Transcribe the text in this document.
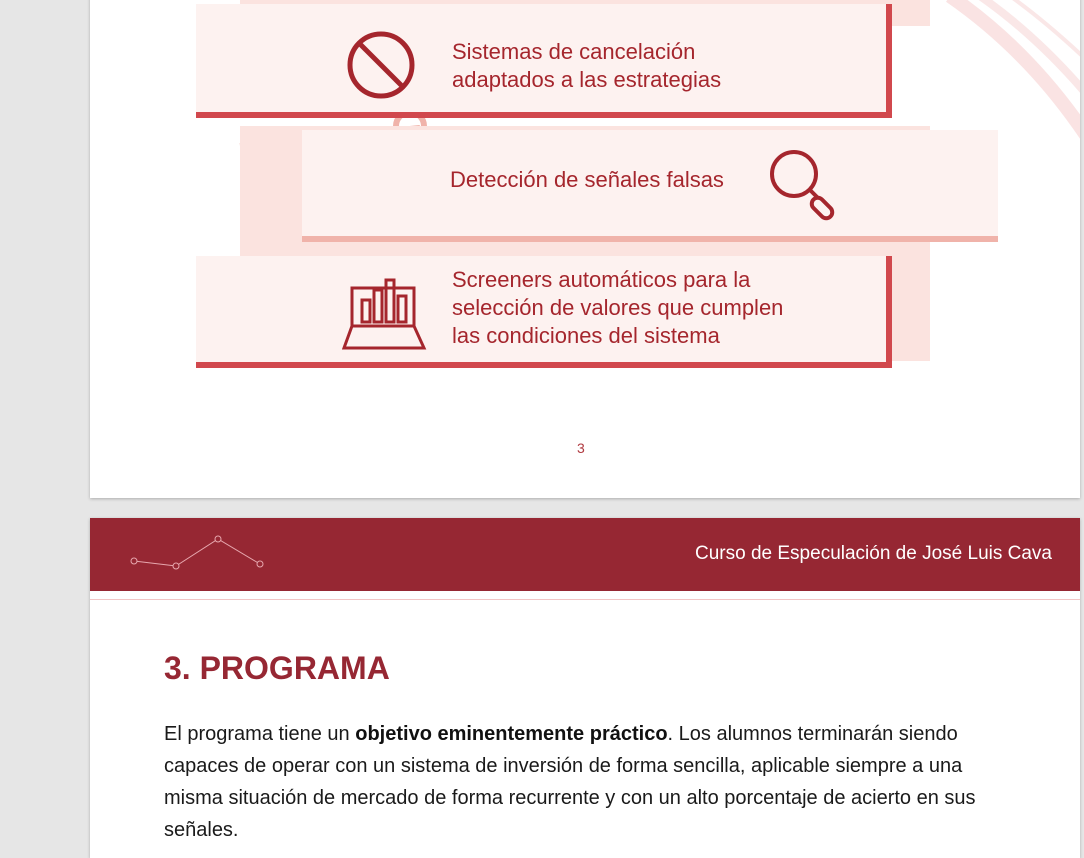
Sistemas de cancelación
adaptados a las estrategias
Detección de señales falsas
Screeners automáticos para la
selección de valores que cumplen
las condiciones del sistema
3
Curso de Especulación de José Luis Cava
3. PROGRAMA

El programa tiene un objetivo eminentemente práctico. Los alumnos terminarán siendo capaces de operar con un sistema de inversión de forma sencilla, aplicable siempre a una misma situación de mercado de forma recurrente y con un alto porcentaje de acierto en sus señales.
